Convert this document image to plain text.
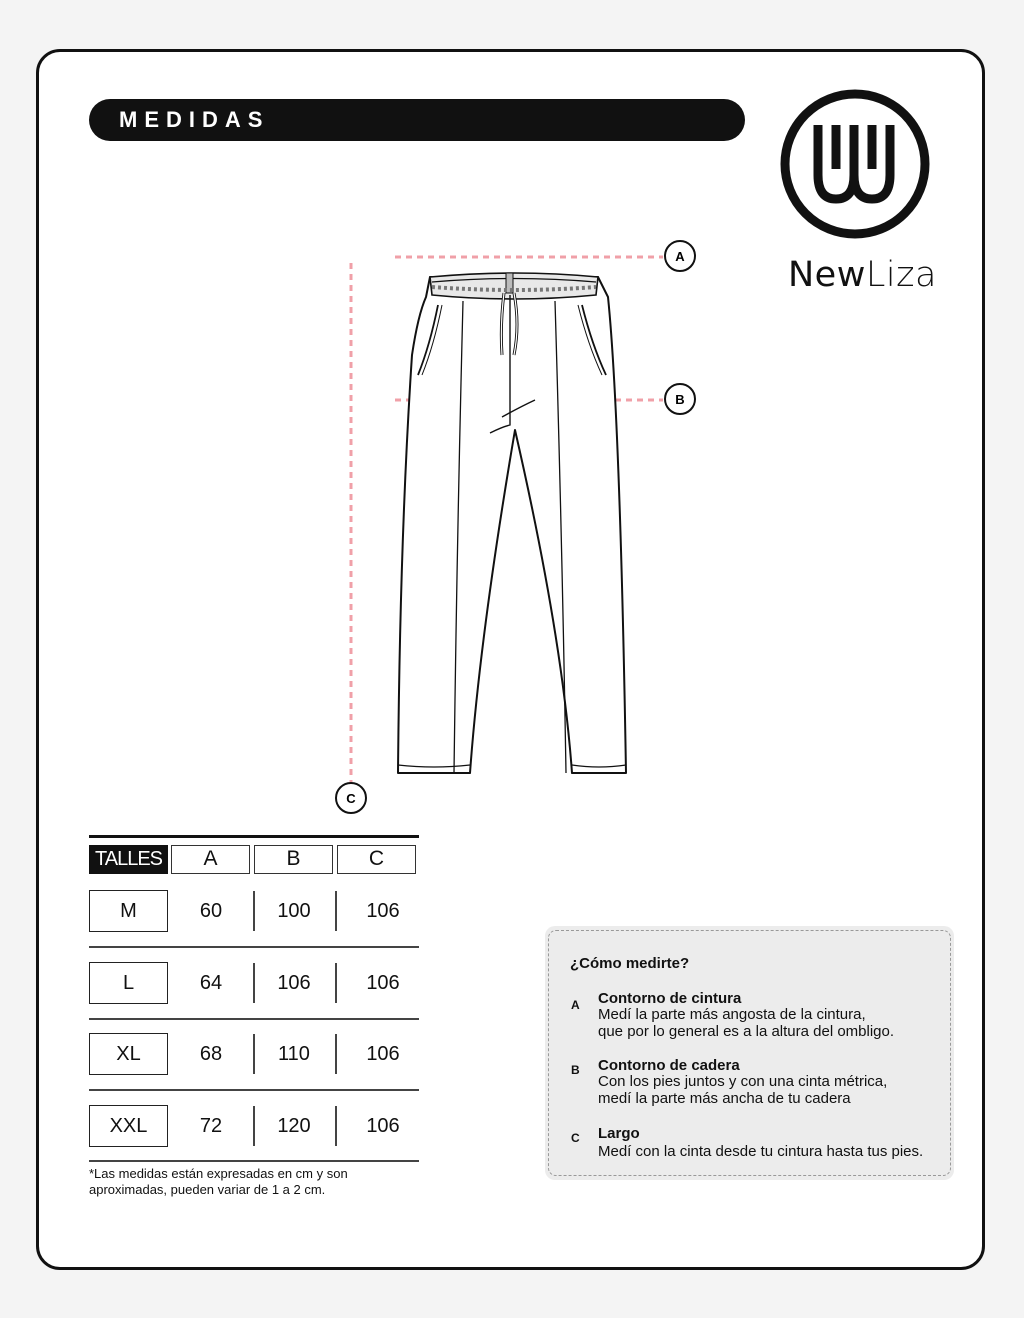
MEDIDAS
NewLiza
A
B
C
TALLES	A	B	C
M	60	100	106
L	64	106	106
XL	68	110	106
XXL	72	120	106
*Las medidas están expresadas en cm y son
aproximadas, pueden variar de 1 a 2 cm.
¿Cómo medirte?
A Contorno de cintura
Medí la parte más angosta de la cintura,
que por lo general es a la altura del ombligo.
B Contorno de cadera
Con los pies juntos y con una cinta métrica,
medí la parte más ancha de tu cadera
C Largo
Medí con la cinta desde tu cintura hasta tus pies.
